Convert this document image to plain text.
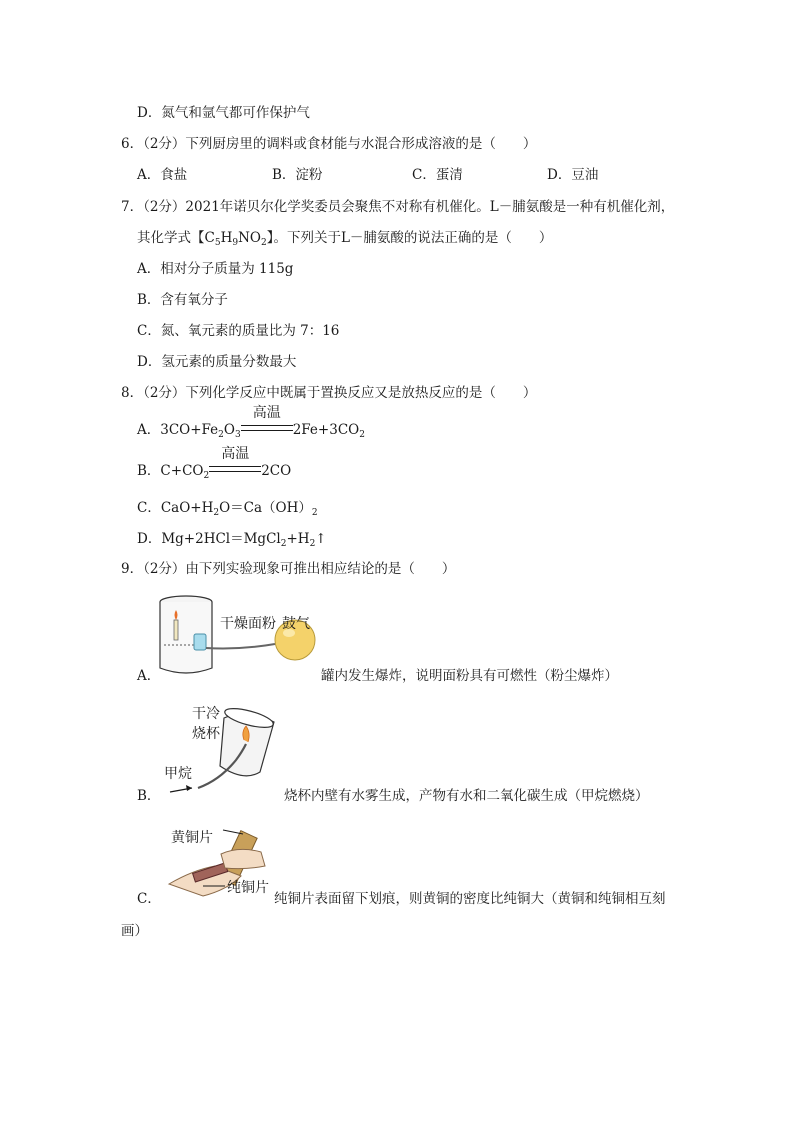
D．氮气和氩气都可作保护气
6．（2分）下列厨房里的调料或食材能与水混合形成溶液的是（　　）
A．食盐	B．淀粉	C．蛋清	D．豆油
7．（2分）2021年诺贝尔化学奖委员会聚焦不对称有机催化。L－脯氨酸是一种有机催化剂，
其化学式【$C_5H_9NO_2$】。下列关于L－脯氨酸的说法正确的是（　　）
A．相对分子质量为 115g
B．含有氧分子
C．氮、氧元素的质量比为 7：16
D．氢元素的质量分数最大
8．（2分）下列化学反应中既属于置换反应又是放热反应的是（　　）
A．$3CO+Fe_2O_3$
高温
$2Fe+3CO_2$
B．$C+CO_2$
高温
2CO
C．$CaO+H_2O=Ca(OH)_2$
D．$Mg+2HCl=MgCl_2+H_2↑$
9．（2分）由下列实验现象可推出相应结论的是（　　）
干燥面粉 鼓气
A．	罐内发生爆炸，说明面粉具有可燃性（粉尘爆炸）
干冷
烧杯
甲烷
B．	烧杯内壁有水雾生成，产物有水和二氧化碳生成（甲烷燃烧）
黄铜片
纯铜片
C．	纯铜片表面留下划痕，则黄铜的密度比纯铜大（黄铜和纯铜相互刻
画）
